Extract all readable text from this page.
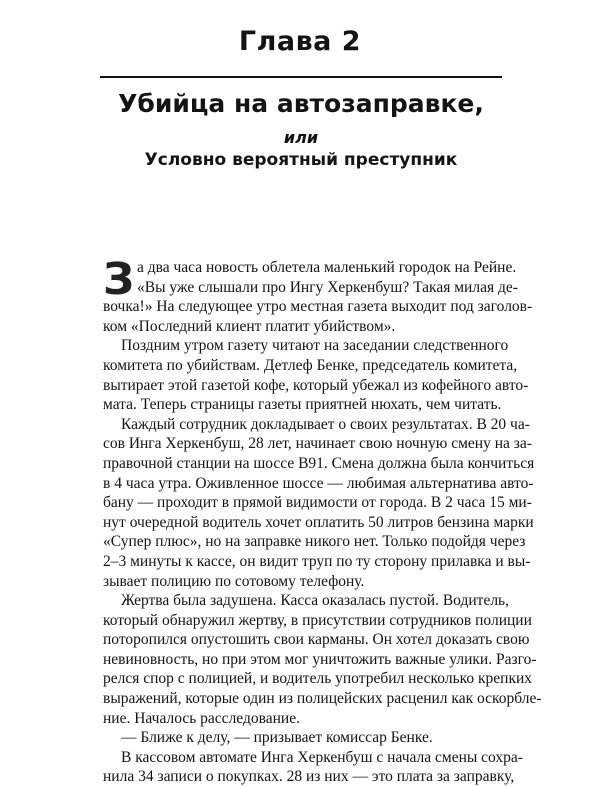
Глава 2
Убийца на автозаправке,
или
Условно вероятный преступник
З а два часа новость облетела маленький городок на Рейне.
«Вы уже слышали про Ингу Херкенбуш? Такая милая де-
вочка!» На следующее утро местная газета выходит под заголов-
ком «Последний клиент платит убийством».
Поздним утром газету читают на заседании следственного
комитета по убийствам. Детлеф Бенке, председатель комитета,
вытирает этой газетой кофе, который убежал из кофейного авто-
мата. Теперь страницы газеты приятней нюхать, чем читать.
Каждый сотрудник докладывает о своих результатах. В 20 ча-
сов Инга Херкенбуш, 28 лет, начинает свою ночную смену на за-
правочной станции на шоссе В91. Смена должна была кончиться
в 4 часа утра. Оживленное шоссе — любимая альтернатива авто-
бану — проходит в прямой видимости от города. В 2 часа 15 ми-
нут очередной водитель хочет оплатить 50 литров бензина марки
«Супер плюс», но на заправке никого нет. Только подойдя через
2–3 минуты к кассе, он видит труп по ту сторону прилавка и вы-
зывает полицию по сотовому телефону.
Жертва была задушена. Касса оказалась пустой. Водитель,
который обнаружил жертву, в присутствии сотрудников полиции
поторопился опустошить свои карманы. Он хотел доказать свою
невиновность, но при этом мог уничтожить важные улики. Разго-
релся спор с полицией, и водитель употребил несколько крепких
выражений, которые один из полицейских расценил как оскорбле-
ние. Началось расследование.
— Ближе к делу, — призывает комиссар Бенке.
В кассовом автомате Инга Херкенбуш с начала смены сохра-
нила 34 записи о покупках. 28 из них — это плата за заправку,
